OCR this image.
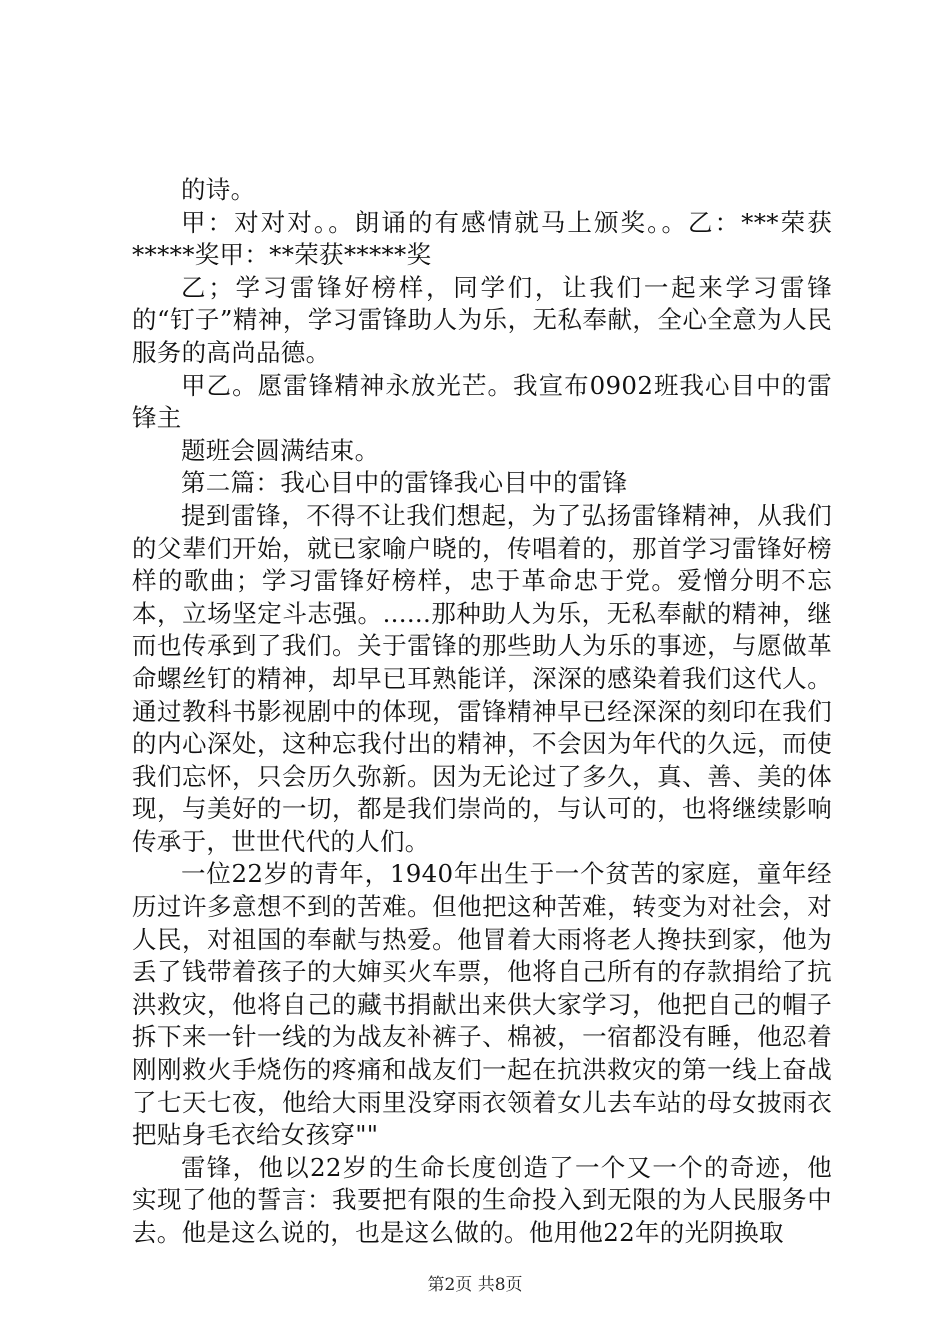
的诗。

甲：对对对。。朗诵的有感情就马上颁奖。。乙：***荣获*****奖甲：**荣获*****奖

乙；学习雷锋好榜样，同学们，让我们一起来学习雷锋的“钉子”精神，学习雷锋助人为乐，无私奉献，全心全意为人民服务的高尚品德。

甲乙。愿雷锋精神永放光芒。我宣布0902班我心目中的雷锋主

题班会圆满结束。

第二篇：我心目中的雷锋我心目中的雷锋

提到雷锋，不得不让我们想起，为了弘扬雷锋精神，从我们的父辈们开始，就已家喻户晓的，传唱着的，那首学习雷锋好榜样的歌曲；学习雷锋好榜样，忠于革命忠于党。爱憎分明不忘本，立场坚定斗志强。......那种助人为乐，无私奉献的精神，继而也传承到了我们。关于雷锋的那些助人为乐的事迹，与愿做革命螺丝钉的精神，却早已耳熟能详，深深的感染着我们这代人。通过教科书影视剧中的体现，雷锋精神早已经深深的刻印在我们的内心深处，这种忘我付出的精神，不会因为年代的久远，而使我们忘怀，只会历久弥新。因为无论过了多久，真、善、美的体现，与美好的一切，都是我们崇尚的，与认可的，也将继续影响传承于，世世代代的人们。

一位22岁的青年，1940年出生于一个贫苦的家庭，童年经历过许多意想不到的苦难。但他把这种苦难，转变为对社会，对人民，对祖国的奉献与热爱。他冒着大雨将老人搀扶到家，他为丢了钱带着孩子的大婶买火车票，他将自己所有的存款捐给了抗洪救灾，他将自己的藏书捐献出来供大家学习，他把自己的帽子拆下来一针一线的为战友补裤子、棉被，一宿都没有睡，他忍着刚刚救火手烧伤的疼痛和战友们一起在抗洪救灾的第一线上奋战了七天七夜，他给大雨里没穿雨衣领着女儿去车站的母女披雨衣把贴身毛衣给女孩穿""

雷锋，他以22岁的生命长度创造了一个又一个的奇迹，他实现了他的誓言：我要把有限的生命投入到无限的为人民服务中去。他是这么说的，也是这么做的。他用他22年的光阴换取

第2页 共8页
